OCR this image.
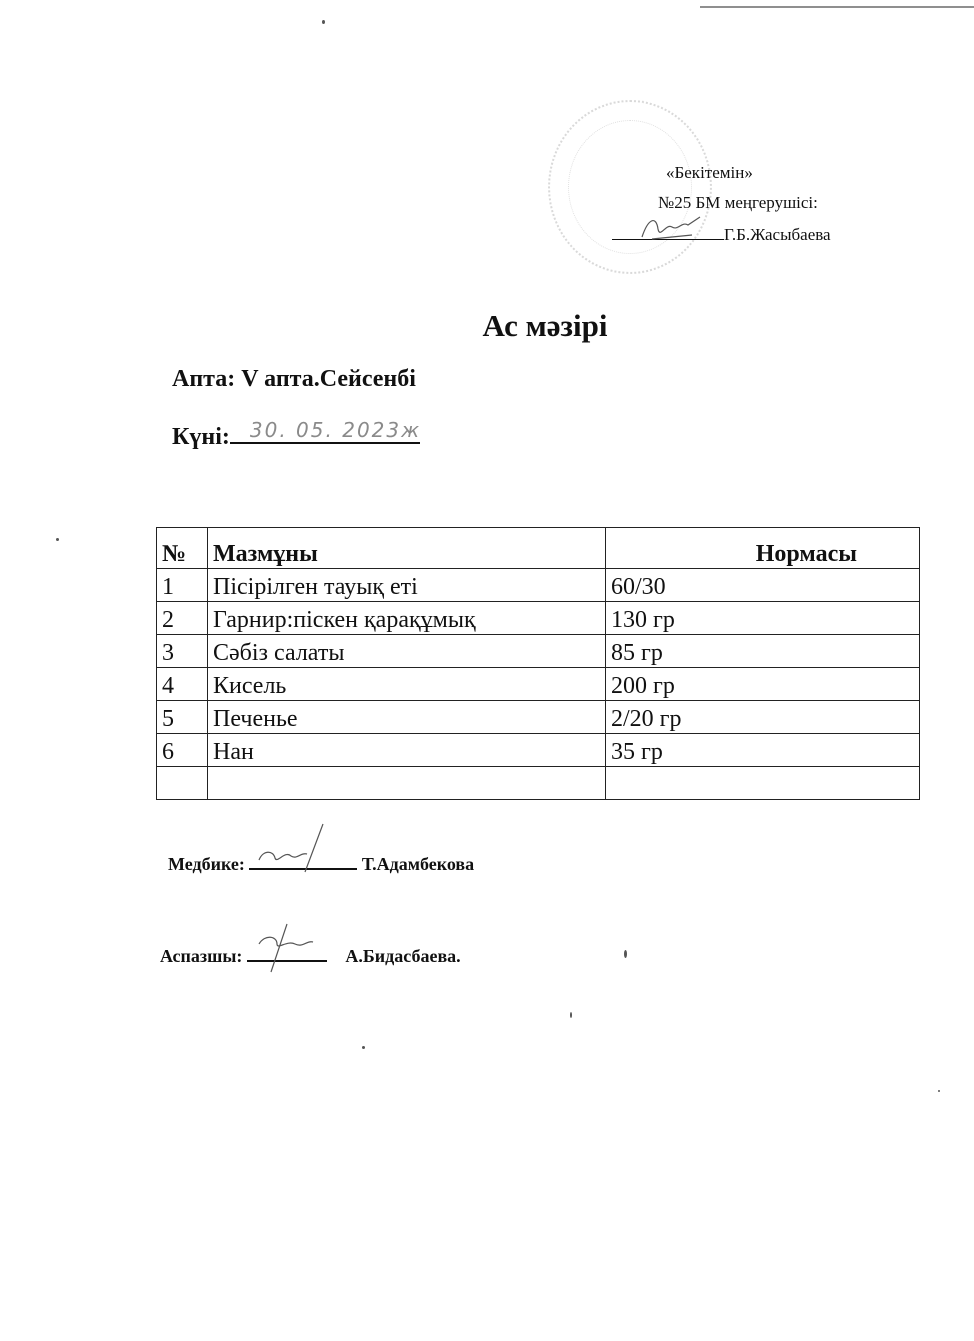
«Бекітемін»
№25 БМ меңгерушісі:
Г.Б.Жасыбаева
Ас мәзірі
Апта: V апта.Сейсенбі
Күні: 30. 05. 2023ж
№	Мазмұны	Нормасы
1	Пісірілген тауық еті	60/30
2	Гарнир:піскен қарақұмық	130 гр
3	Сәбіз салаты	85 гр
4	Кисель	200 гр
5	Печенье	2/20 гр
6	Нан	35 гр

Медбике:	Т.Адамбекова
Аспазшы:	А.Бидасбаева.
